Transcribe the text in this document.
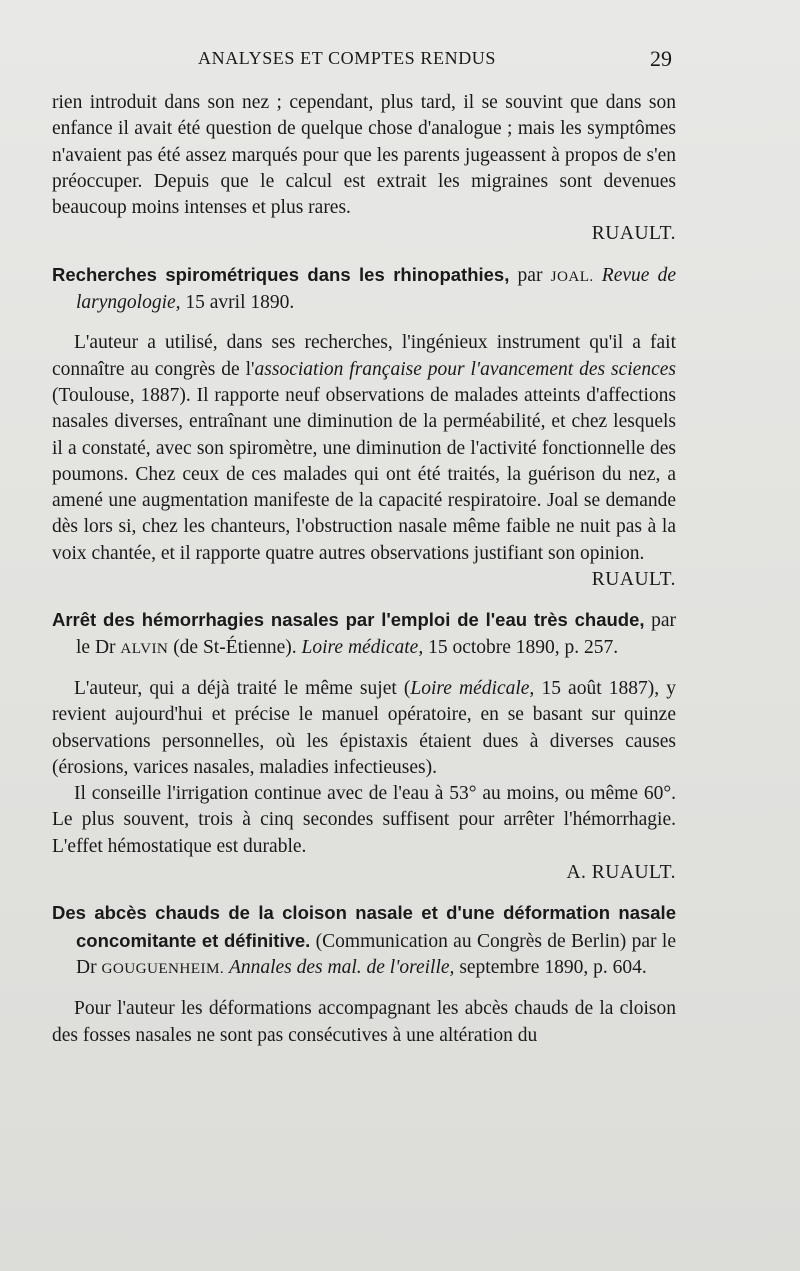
ANALYSES ET COMPTES RENDUS	29

rien introduit dans son nez ; cependant, plus tard, il se souvint que dans son enfance il avait été question de quelque chose d'analogue ; mais les symptômes n'avaient pas été assez marqués pour que les parents jugeassent à propos de s'en préoccuper. Depuis que le calcul est extrait les migraines sont devenues beaucoup moins intenses et plus rares.

RUAULT.

Recherches spirométriques dans les rhinopathies, par JOAL. Revue de laryngologie, 15 avril 1890.

L'auteur a utilisé, dans ses recherches, l'ingénieux instrument qu'il a fait connaître au congrès de l'association française pour l'avancement des sciences (Toulouse, 1887). Il rapporte neuf observations de malades atteints d'affections nasales diverses, entraînant une diminution de la perméabilité, et chez lesquels il a constaté, avec son spiromètre, une diminution de l'activité fonctionnelle des poumons. Chez ceux de ces malades qui ont été traités, la guérison du nez, a amené une augmentation manifeste de la capacité respiratoire. Joal se demande dès lors si, chez les chanteurs, l'obstruction nasale même faible ne nuit pas à la voix chantée, et il rapporte quatre autres observations justifiant son opinion.

RUAULT.

Arrêt des hémorrhagies nasales par l'emploi de l'eau très chaude, par le Dr ALVIN (de St-Étienne). Loire médicate, 15 octobre 1890, p. 257.

L'auteur, qui a déjà traité le même sujet (Loire médicale, 15 août 1887), y revient aujourd'hui et précise le manuel opératoire, en se basant sur quinze observations personnelles, où les épistaxis étaient dues à diverses causes (érosions, varices nasales, maladies infectieuses).

Il conseille l'irrigation continue avec de l'eau à 53° au moins, ou même 60°. Le plus souvent, trois à cinq secondes suffisent pour arrêter l'hémorrhagie. L'effet hémostatique est durable.

A. RUAULT.

Des abcès chauds de la cloison nasale et d'une déformation nasale concomitante et définitive. (Communication au Congrès de Berlin) par le Dr GOUGUENHEIM. Annales des mal. de l'oreille, septembre 1890, p. 604.

Pour l'auteur les déformations accompagnant les abcès chauds de la cloison des fosses nasales ne sont pas consécutives à une altération du
